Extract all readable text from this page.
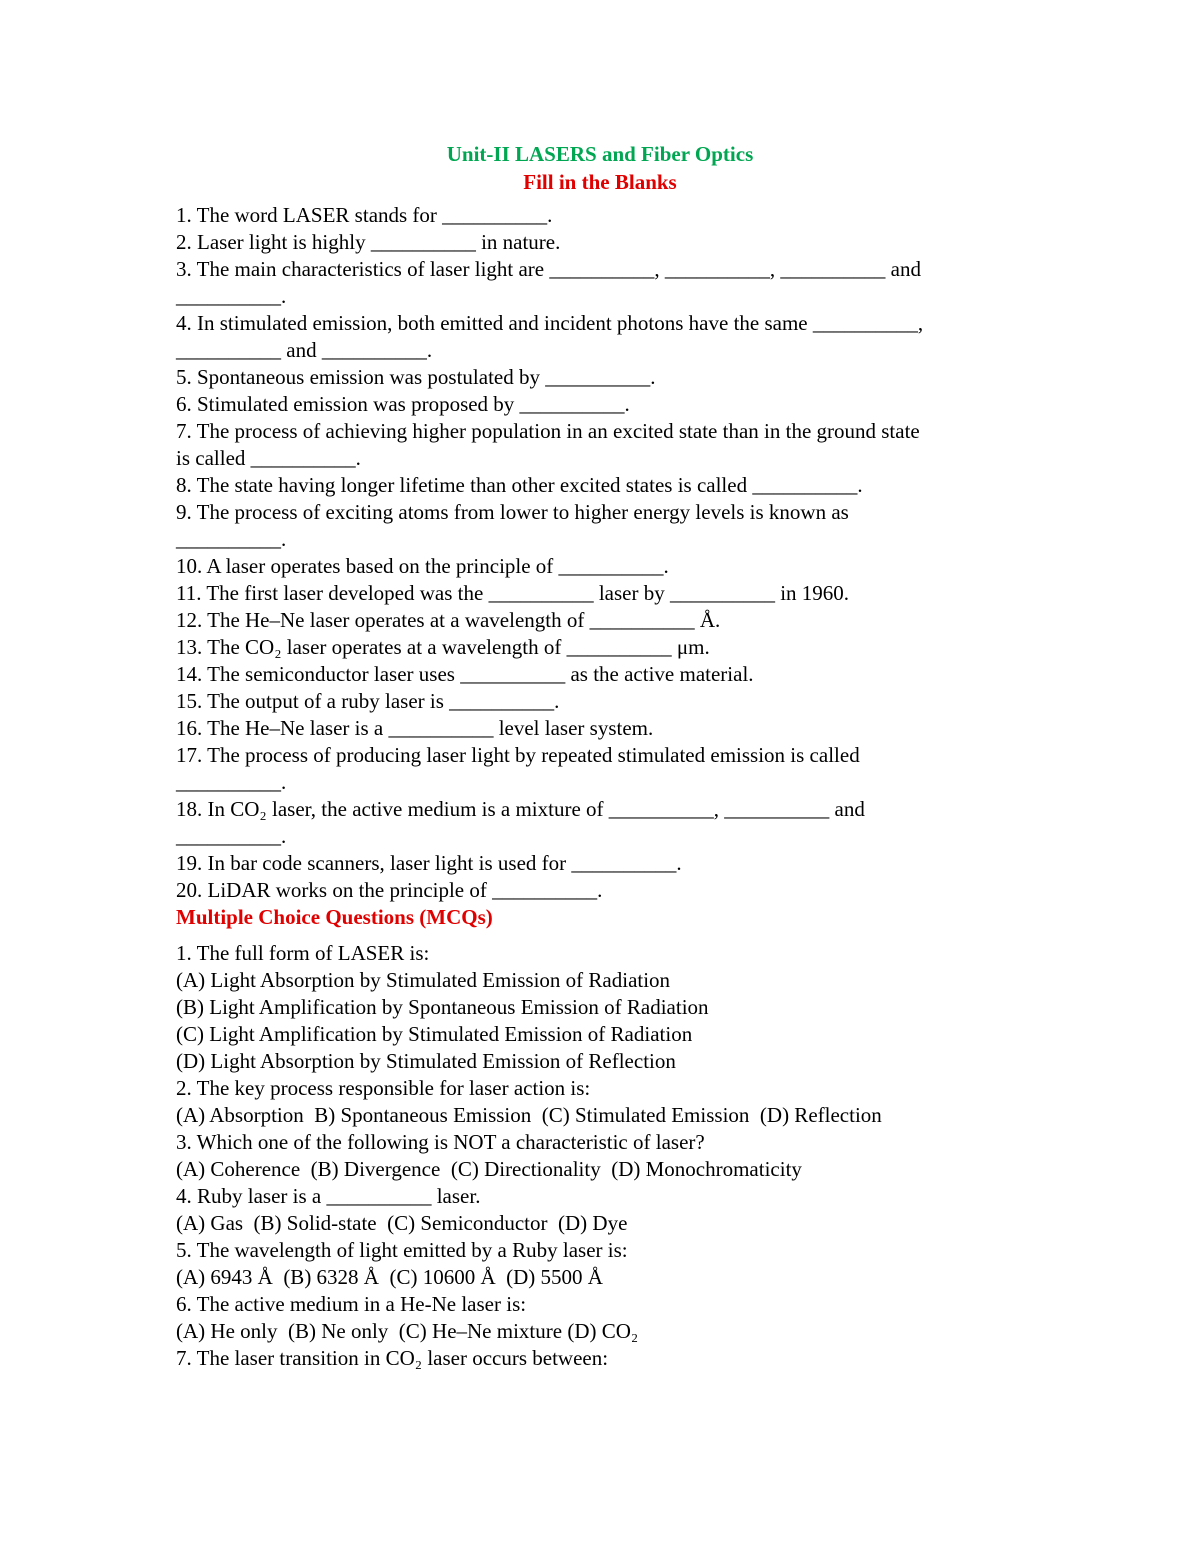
Unit-II LASERS and Fiber Optics
Fill in the Blanks

1. The word LASER stands for __________.

2. Laser light is highly __________ in nature.

3. The main characteristics of laser light are __________, __________, __________ and

__________.

4. In stimulated emission, both emitted and incident photons have the same __________,

__________ and __________.

5. Spontaneous emission was postulated by __________.

6. Stimulated emission was proposed by __________.

7. The process of achieving higher population in an excited state than in the ground state

is called __________.

8. The state having longer lifetime than other excited states is called __________.

9. The process of exciting atoms from lower to higher energy levels is known as

__________.

10. A laser operates based on the principle of __________.

11. The first laser developed was the __________ laser by __________ in 1960.

12. The He–Ne laser operates at a wavelength of __________ Å.

13. The CO₂ laser operates at a wavelength of __________ μm.

14. The semiconductor laser uses __________ as the active material.

15. The output of a ruby laser is __________.

16. The He–Ne laser is a __________ level laser system.

17. The process of producing laser light by repeated stimulated emission is called

__________.

18. In CO₂ laser, the active medium is a mixture of __________, __________ and

__________.

19. In bar code scanners, laser light is used for __________.

20. LiDAR works on the principle of __________.

Multiple Choice Questions (MCQs)

1. The full form of LASER is:

(A) Light Absorption by Stimulated Emission of Radiation

(B) Light Amplification by Spontaneous Emission of Radiation

(C) Light Amplification by Stimulated Emission of Radiation

(D) Light Absorption by Stimulated Emission of Reflection

2. The key process responsible for laser action is:

(A) Absorption  B) Spontaneous Emission  (C) Stimulated Emission  (D) Reflection

3. Which one of the following is NOT a characteristic of laser?

(A) Coherence  (B) Divergence  (C) Directionality  (D) Monochromaticity

4. Ruby laser is a __________ laser.

(A) Gas  (B) Solid-state  (C) Semiconductor  (D) Dye

5. The wavelength of light emitted by a Ruby laser is:

(A) 6943 Å  (B) 6328 Å  (C) 10600 Å  (D) 5500 Å

6. The active medium in a He-Ne laser is:

(A) He only  (B) Ne only  (C) He–Ne mixture (D) CO₂

7. The laser transition in CO₂ laser occurs between:
